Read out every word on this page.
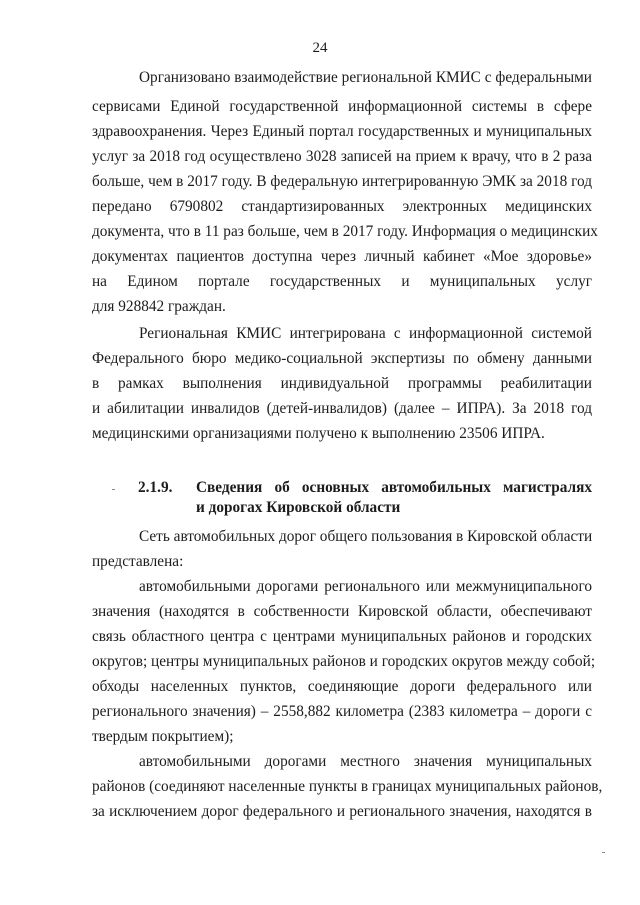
24
Организовано взаимодействие региональной КМИС с федеральными
сервисами Единой государственной информационной системы в сфере
здравоохранения. Через Единый портал государственных и муниципальных
услуг за 2018 год осуществлено 3028 записей на прием к врачу, что в 2 раза
больше, чем в 2017 году. В федеральную интегрированную ЭМК за 2018 год
передано 6790802 стандартизированных электронных медицинских
документа, что в 11 раз больше, чем в 2017 году. Информация о медицинских
документах пациентов доступна через личный кабинет «Мое здоровье»
на Едином портале государственных и муниципальных услуг
для 928842 граждан.
Региональная КМИС интегрирована с информационной системой
Федерального бюро медико-социальной экспертизы по обмену данными
в рамках выполнения индивидуальной программы реабилитации
и абилитации инвалидов (детей-инвалидов) (далее – ИПРА). За 2018 год
медицинскими организациями получено к выполнению 23506 ИПРА.
Сеть автомобильных дорог общего пользования в Кировской области
представлена:
автомобильными дорогами регионального или межмуниципального
значения (находятся в собственности Кировской области, обеспечивают
связь областного центра с центрами муниципальных районов и городских
округов; центры муниципальных районов и городских округов между собой;
обходы населенных пунктов, соединяющие дороги федерального или
регионального значения) – 2558,882 километра (2383 километра – дороги с
твердым покрытием);
автомобильными дорогами местного значения муниципальных
районов (соединяют населенные пункты в границах муниципальных районов,
за исключением дорог федерального и регионального значения, находятся в
2.1.9. Сведения об основных автомобильных магистралях
и дорогах Кировской области
